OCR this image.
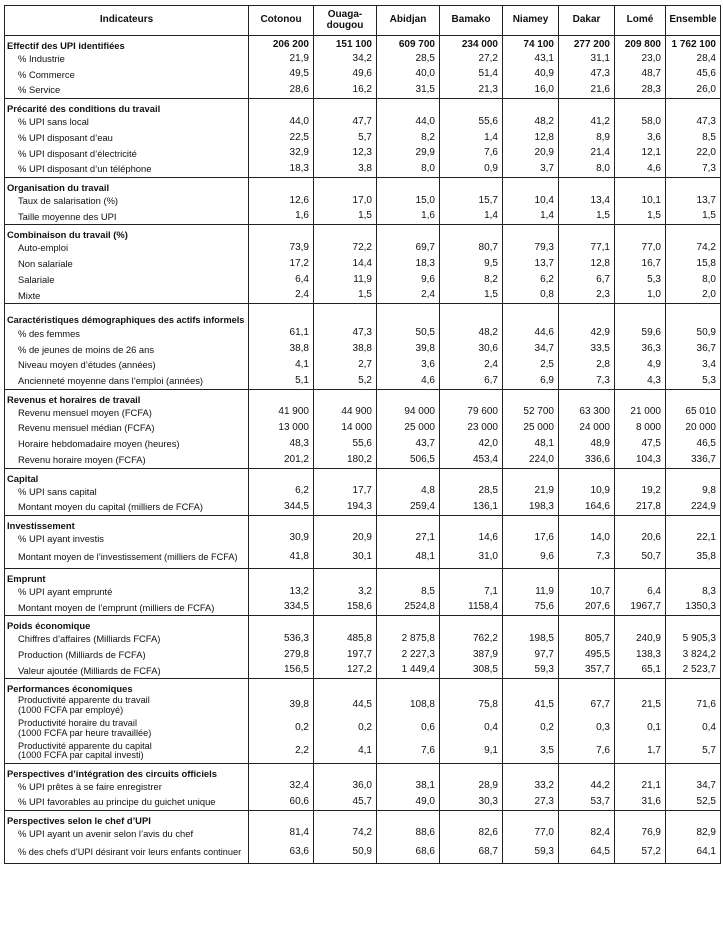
Indicateurs	Cotonou	Ouaga-
dougou	Abidjan	Bamako	Niamey	Dakar	Lomé	Ensemble
Effectif des UPI identifiées	206 200	151 100	609 700	234 000	74 100	277 200	209 800	1 762 100
% Industrie	21,9	34,2	28,5	27,2	43,1	31,1	23,0	28,4
% Commerce	49,5	49,6	40,0	51,4	40,9	47,3	48,7	45,6
% Service	28,6	16,2	31,5	21,3	16,0	21,6	28,3	26,0
Précarité des conditions du travail								
% UPI sans local	44,0	47,7	44,0	55,6	48,2	41,2	58,0	47,3
% UPI disposant d’eau	22,5	5,7	8,2	1,4	12,8	8,9	3,6	8,5
% UPI disposant d’électricité	32,9	12,3	29,9	7,6	20,9	21,4	12,1	22,0
% UPI disposant d’un téléphone	18,3	3,8	8,0	0,9	3,7	8,0	4,6	7,3
Organisation du travail								
Taux de salarisation (%)	12,6	17,0	15,0	15,7	10,4	13,4	10,1	13,7
Taille moyenne des UPI	1,6	1,5	1,6	1,4	1,4	1,5	1,5	1,5
Combinaison du travail (%)								
Auto-emploi	73,9	72,2	69,7	80,7	79,3	77,1	77,0	74,2
Non salariale	17,2	14,4	18,3	9,5	13,7	12,8	16,7	15,8
Salariale	6,4	11,9	9,6	8,2	6,2	6,7	5,3	8,0
Mixte	2,4	1,5	2,4	1,5	0,8	2,3	1,0	2,0
Caractéristiques démographiques des actifs informels								
% des femmes	61,1	47,3	50,5	48,2	44,6	42,9	59,6	50,9
% de jeunes de moins de 26 ans	38,8	38,8	39,8	30,6	34,7	33,5	36,3	36,7
Niveau moyen d’études (années)	4,1	2,7	3,6	2,4	2,5	2,8	4,9	3,4
Ancienneté moyenne dans l’emploi (années)	5,1	5,2	4,6	6,7	6,9	7,3	4,3	5,3
Revenus et horaires de travail								
Revenu mensuel moyen (FCFA)	41 900	44 900	94 000	79 600	52 700	63 300	21 000	65 010
Revenu mensuel médian (FCFA)	13 000	14 000	25 000	23 000	25 000	24 000	8 000	20 000
Horaire hebdomadaire moyen (heures)	48,3	55,6	43,7	42,0	48,1	48,9	47,5	46,5
Revenu horaire moyen (FCFA)	201,2	180,2	506,5	453,4	224,0	336,6	104,3	336,7
Capital								
% UPI sans capital	6,2	17,7	4,8	28,5	21,9	10,9	19,2	9,8
Montant moyen du capital (milliers de FCFA)	344,5	194,3	259,4	136,1	198,3	164,6	217,8	224,9
Investissement								
% UPI ayant investis	30,9	20,9	27,1	14,6	17,6	14,0	20,6	22,1
Montant moyen de l’investissement (milliers de FCFA)	41,8	30,1	48,1	31,0	9,6	7,3	50,7	35,8
Emprunt								
% UPI ayant emprunté	13,2	3,2	8,5	7,1	11,9	10,7	6,4	8,3
Montant moyen de l’emprunt (milliers de FCFA)	334,5	158,6	2524,8	1158,4	75,6	207,6	1967,7	1350,3
Poids économique								
Chiffres d’affaires (Milliards FCFA)	536,3	485,8	2 875,8	762,2	198,5	805,7	240,9	5 905,3
Production (Milliards de FCFA)	279,8	197,7	2 227,3	387,9	97,7	495,5	138,3	3 824,2
Valeur ajoutée (Milliards de FCFA)	156,5	127,2	1 449,4	308,5	59,3	357,7	65,1	2 523,7
Performances économiques								
Productivité apparente du travail
(1000 FCFA par employé)	39,8	44,5	108,8	75,8	41,5	67,7	21,5	71,6
Productivité horaire du travail
(1000 FCFA par heure travaillée)	0,2	0,2	0,6	0,4	0,2	0,3	0,1	0,4
Productivité apparente du capital
(1000 FCFA par capital investi)	2,2	4,1	7,6	9,1	3,5	7,6	1,7	5,7
Perspectives d’intégration des circuits officiels								
% UPI prêtes à se faire enregistrer	32,4	36,0	38,1	28,9	33,2	44,2	21,1	34,7
% UPI favorables au principe du guichet unique	60,6	45,7	49,0	30,3	27,3	53,7	31,6	52,5
Perspectives selon le chef d’UPI								
% UPI ayant un avenir selon l’avis du chef	81,4	74,2	88,6	82,6	77,0	82,4	76,9	82,9
% des chefs d’UPI désirant voir leurs enfants continuer	63,6	50,9	68,6	68,7	59,3	64,5	57,2	64,1
